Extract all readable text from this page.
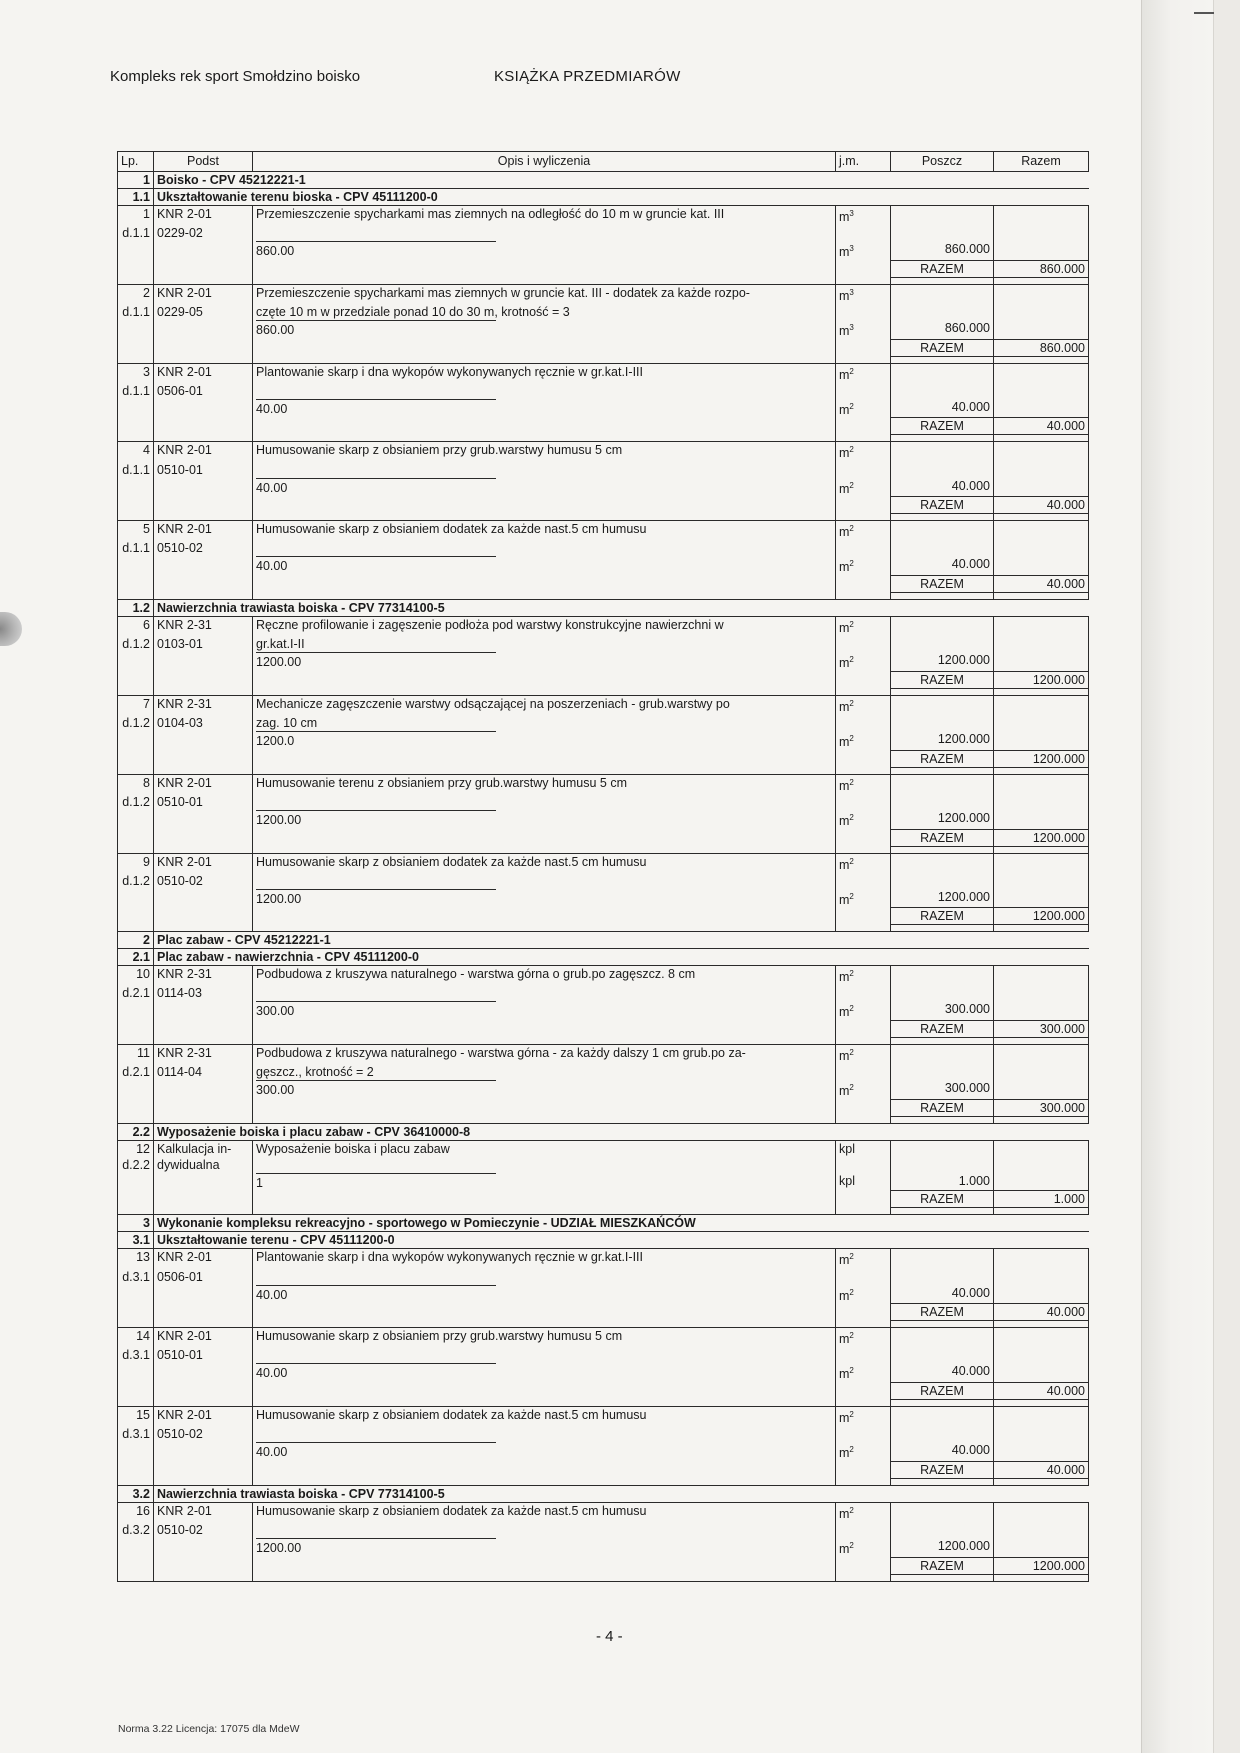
Kompleks rek sport Smołdzino boisko	KSIĄŻKA PRZEDMIARÓW
Lp.	Podst	Opis i wyliczenia	j.m.	Poszcz	Razem
1	Boisko - CPV 45212221-1				
1.1	Ukształtowanie terenu bioska - CPV 45111200-0				
1	KNR 2-01	Przemieszczenie spycharkami mas ziemnych na odległość do 10 m w gruncie kat. III	$m^3$		
d.1.1	0229-02				
		860.00	$m^3$	860.000	
				RAZEM	860.000

2	KNR 2-01	Przemieszczenie spycharkami mas ziemnych w gruncie kat. III - dodatek za każde rozpo-	$m^3$		
d.1.1	0229-05	częte 10 m w przedziale ponad 10 do 30 m, krotność = 3			
		860.00	$m^3$	860.000	
				RAZEM	860.000

3	KNR 2-01	Plantowanie skarp i dna wykopów wykonywanych ręcznie w gr.kat.I-III	$m^2$		
d.1.1	0506-01				
		40.00	$m^2$	40.000	
				RAZEM	40.000

4	KNR 2-01	Humusowanie skarp z obsianiem przy grub.warstwy humusu 5 cm	$m^2$		
d.1.1	0510-01				
		40.00	$m^2$	40.000	
				RAZEM	40.000

5	KNR 2-01	Humusowanie skarp z obsianiem dodatek za każde nast.5 cm humusu	$m^2$		
d.1.1	0510-02				
		40.00	$m^2$	40.000	
				RAZEM	40.000

1.2	Nawierzchnia trawiasta boiska - CPV 77314100-5				
6	KNR 2-31	Ręczne profilowanie i zagęszenie podłoża pod warstwy konstrukcyjne nawierzchni w	$m^2$		
d.1.2	0103-01	gr.kat.I-II			
		1200.00	$m^2$	1200.000	
				RAZEM	1200.000

7	KNR 2-31	Mechanicze zagęszczenie warstwy odsączającej na poszerzeniach - grub.warstwy po	$m^2$		
d.1.2	0104-03	zag. 10 cm			
		1200.0	$m^2$	1200.000	
				RAZEM	1200.000

8	KNR 2-01	Humusowanie terenu z obsianiem przy grub.warstwy humusu 5 cm	$m^2$		
d.1.2	0510-01				
		1200.00	$m^2$	1200.000	
				RAZEM	1200.000

9	KNR 2-01	Humusowanie skarp z obsianiem dodatek za każde nast.5 cm humusu	$m^2$		
d.1.2	0510-02				
		1200.00	$m^2$	1200.000	
				RAZEM	1200.000

2	Plac zabaw - CPV 45212221-1				
2.1	Plac zabaw - nawierzchnia - CPV 45111200-0				
10	KNR 2-31	Podbudowa z kruszywa naturalnego - warstwa górna o grub.po zagęszcz. 8 cm	$m^2$		
d.2.1	0114-03				
		300.00	$m^2$	300.000	
				RAZEM	300.000

11	KNR 2-31	Podbudowa z kruszywa naturalnego - warstwa górna - za każdy dalszy 1 cm grub.po za-	$m^2$		
d.2.1	0114-04	gęszcz., krotność = 2			
		300.00	$m^2$	300.000	
				RAZEM	300.000

2.2	Wyposażenie boiska i placu zabaw - CPV 36410000-8				
12	Kalkulacja in-	Wyposażenie boiska i placu zabaw	kpl		
d.2.2	dywidualna				
		1	kpl	1.000	
				RAZEM	1.000

3	Wykonanie kompleksu rekreacyjno - sportowego w Pomieczynie - UDZIAŁ MIESZKAŃCÓW				
3.1	Ukształtowanie terenu - CPV 45111200-0				
13	KNR 2-01	Plantowanie skarp i dna wykopów wykonywanych ręcznie w gr.kat.I-III	$m^2$		
d.3.1	0506-01				
		40.00	$m^2$	40.000	
				RAZEM	40.000

14	KNR 2-01	Humusowanie skarp z obsianiem przy grub.warstwy humusu 5 cm	$m^2$		
d.3.1	0510-01				
		40.00	$m^2$	40.000	
				RAZEM	40.000

15	KNR 2-01	Humusowanie skarp z obsianiem dodatek za każde nast.5 cm humusu	$m^2$		
d.3.1	0510-02				
		40.00	$m^2$	40.000	
				RAZEM	40.000

3.2	Nawierzchnia trawiasta boiska - CPV 77314100-5				
16	KNR 2-01	Humusowanie skarp z obsianiem dodatek za każde nast.5 cm humusu	$m^2$		
d.3.2	0510-02				
		1200.00	$m^2$	1200.000	
				RAZEM	1200.000

- 4 -
Norma 3.22 Licencja: 17075 dla MdeW
